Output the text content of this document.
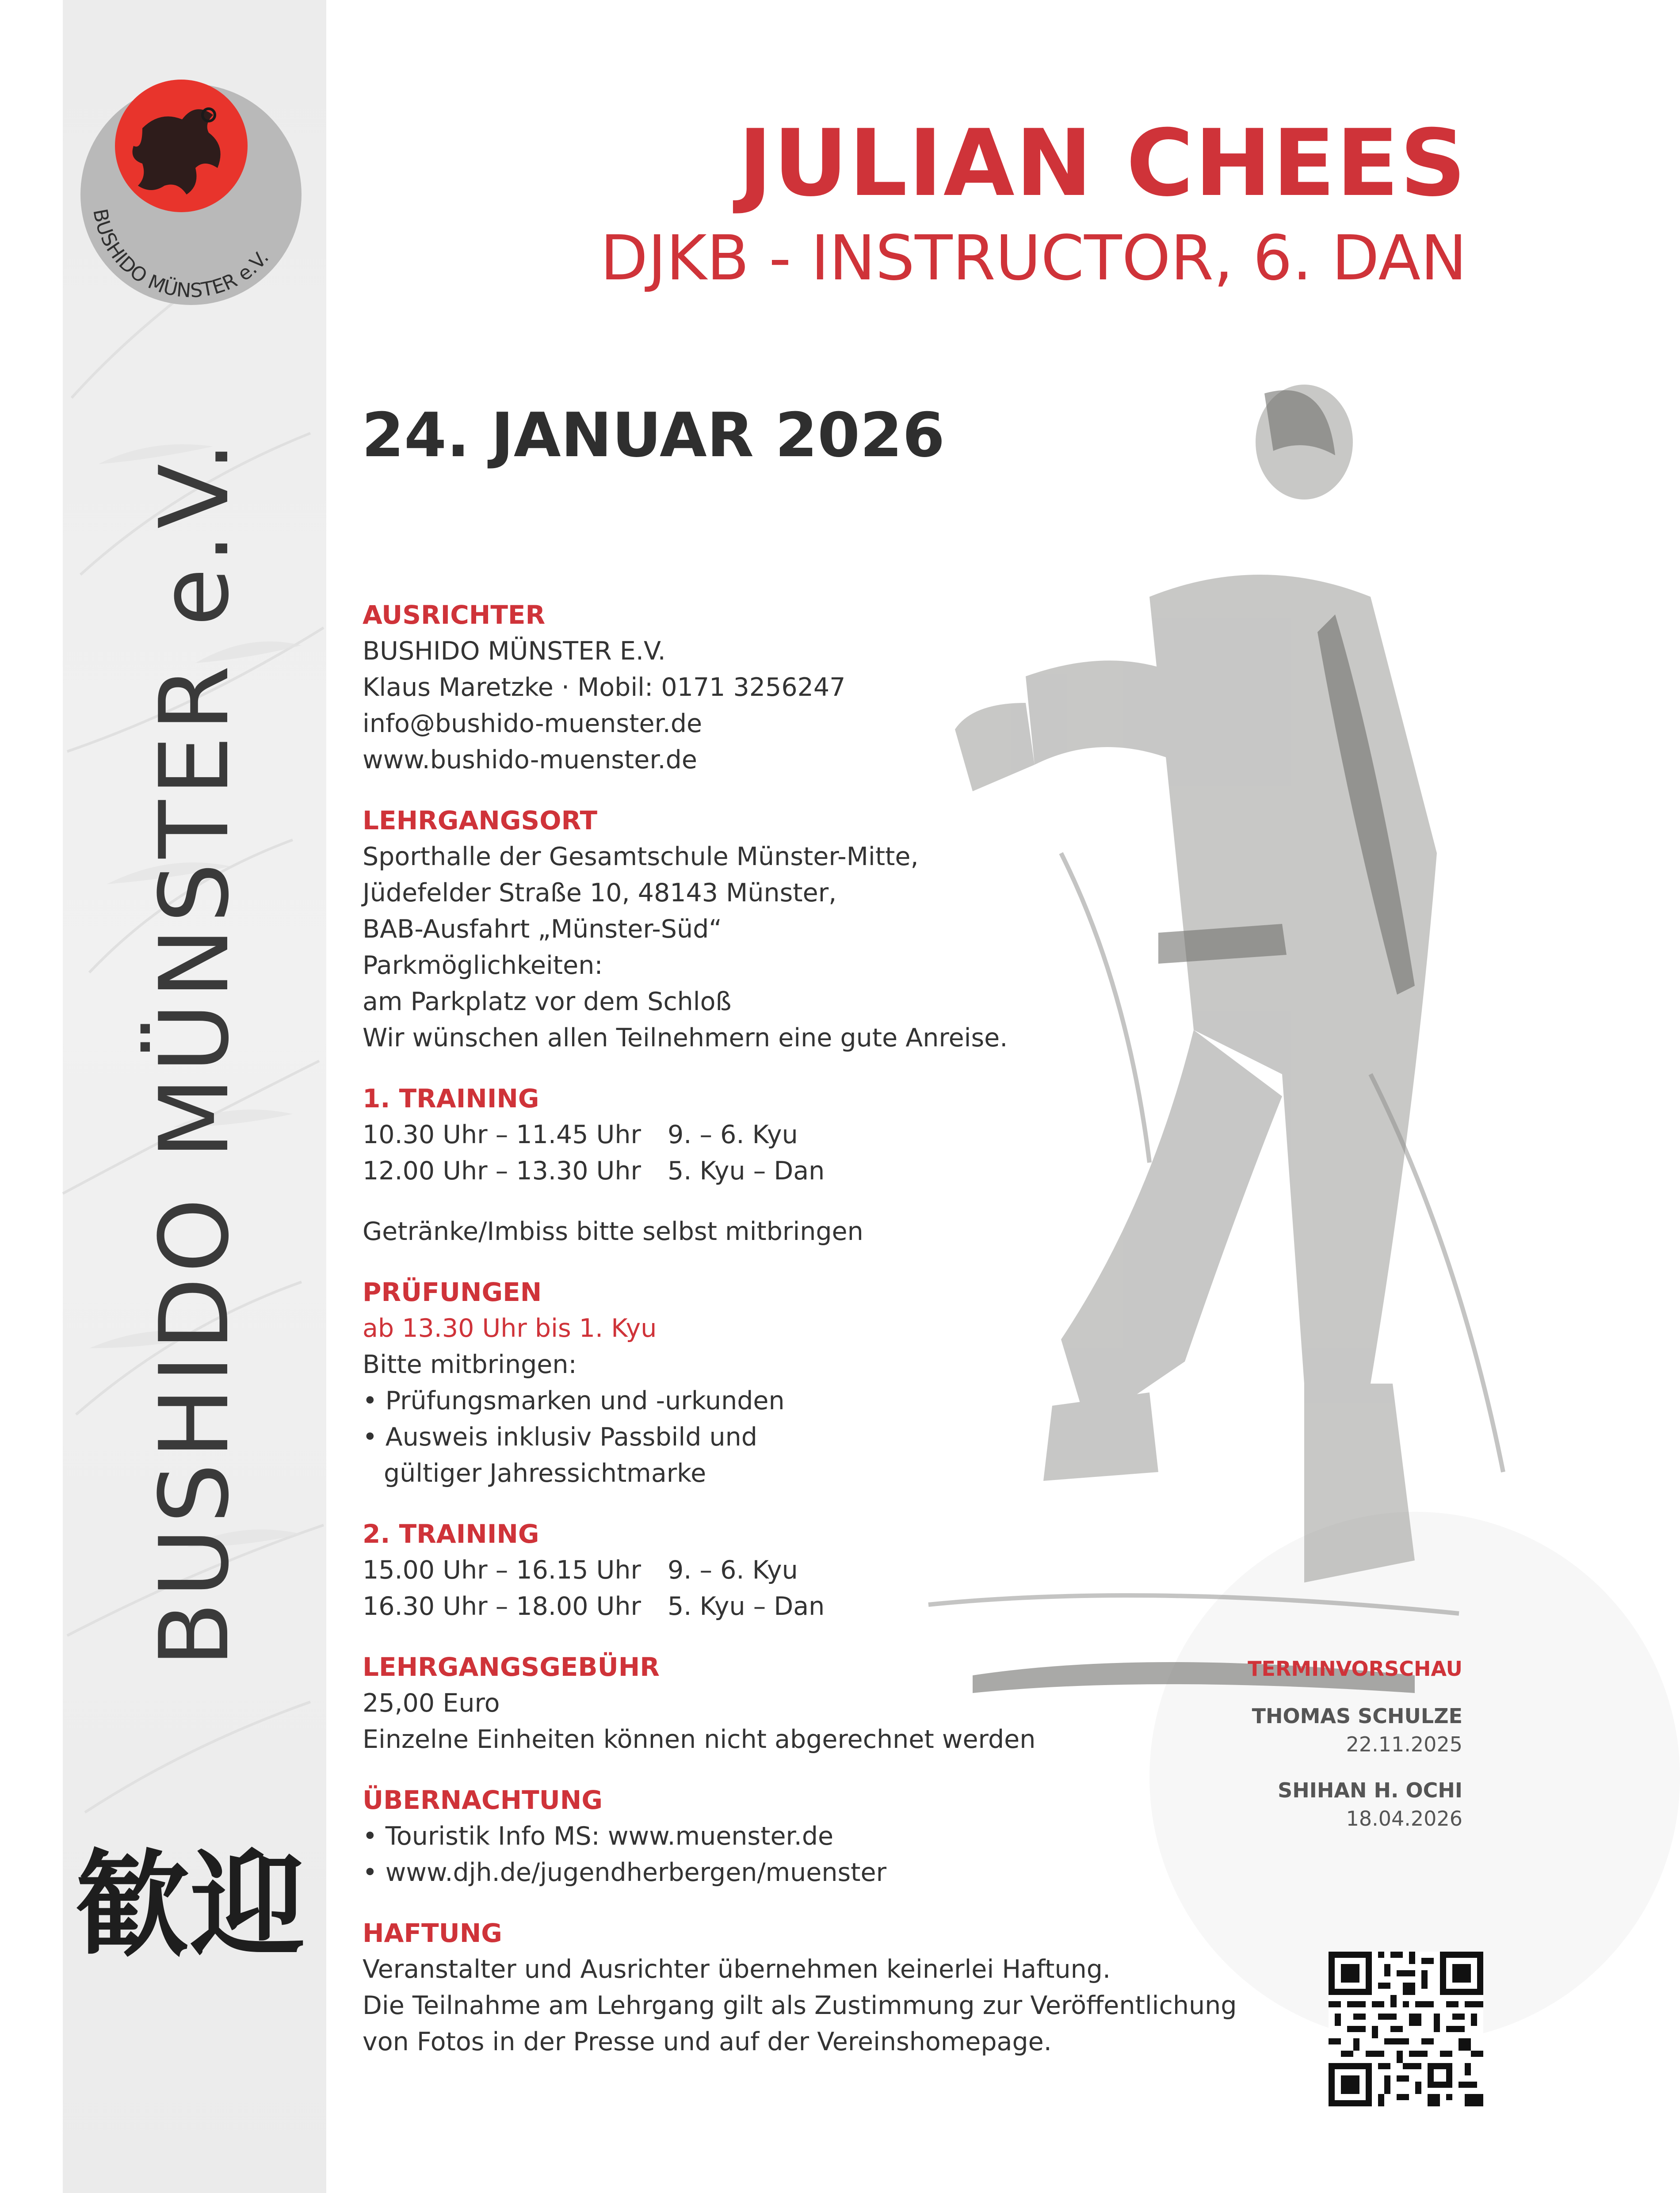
BUSHIDO MÜNSTER e.V.
BUSHIDO MÜNSTER e.V.
歓迎
JULIAN CHEES
DJKB - INSTRUCTOR, 6. DAN
24. JANUAR 2026
AUSRICHTER
BUSHIDO MÜNSTER E.V.
Klaus Maretzke · Mobil: 0171 3256247
info@bushido-muenster.de
www.bushido-muenster.de
LEHRGANGSORT
Sporthalle der Gesamtschule Münster-Mitte,
Jüdefelder Straße 10, 48143 Münster,
BAB-Ausfahrt „Münster-Süd“
Parkmöglichkeiten:
am Parkplatz vor dem Schloß
Wir wünschen allen Teilnehmern eine gute Anreise.
1. TRAINING
10.30 Uhr – 11.45 Uhr	9. – 6. Kyu
12.00 Uhr – 13.30 Uhr	5. Kyu – Dan
Getränke/Imbiss bitte selbst mitbringen
PRÜFUNGEN
ab 13.30 Uhr bis 1. Kyu
Bitte mitbringen:
• Prüfungsmarken und -urkunden
• Ausweis inklusiv Passbild und
gültiger Jahressichtmarke
2. TRAINING
15.00 Uhr – 16.15 Uhr	9. – 6. Kyu
16.30 Uhr – 18.00 Uhr	5. Kyu – Dan
LEHRGANGSGEBÜHR
25,00 Euro
Einzelne Einheiten können nicht abgerechnet werden
ÜBERNACHTUNG
• Touristik Info MS: www.muenster.de
• www.djh.de/jugendherbergen/muenster
HAFTUNG
Veranstalter und Ausrichter übernehmen keinerlei Haftung.
Die Teilnahme am Lehrgang gilt als Zustimmung zur Veröffentlichung
von Fotos in der Presse und auf der Vereinshomepage.
TERMINVORSCHAU
THOMAS SCHULZE
22.11.2025
SHIHAN H. OCHI
18.04.2026
